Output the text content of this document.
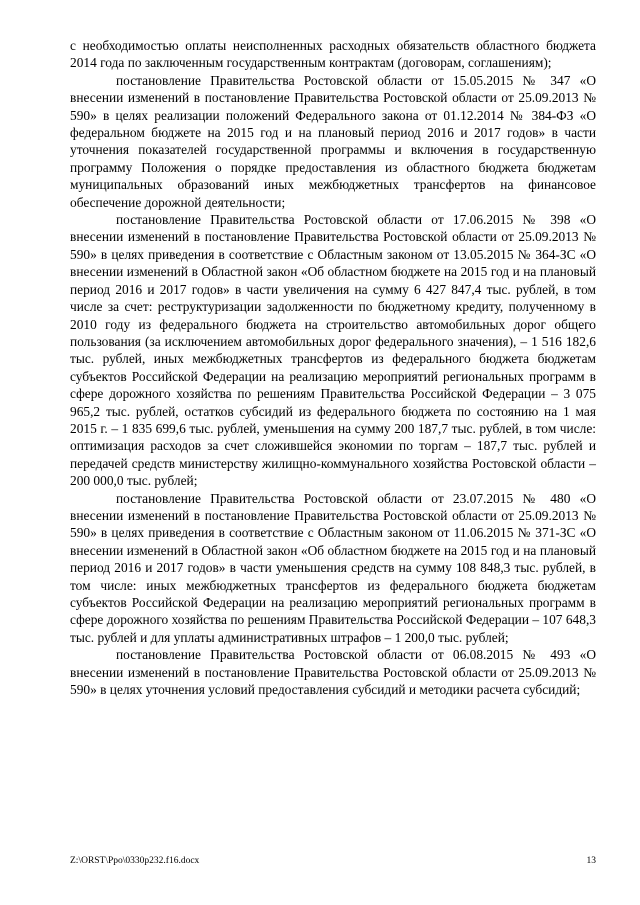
с необходимостью оплаты неисполненных расходных обязательств областного бюджета 2014 года по заключенным государственным контрактам (договорам, соглашениям);

постановление Правительства Ростовской области от 15.05.2015 № 347 «О внесении изменений в постановление Правительства Ростовской области от 25.09.2013 № 590» в целях реализации положений Федерального закона от 01.12.2014 № 384-ФЗ «О федеральном бюджете на 2015 год и на плановый период 2016 и 2017 годов» в части уточнения показателей государственной программы и включения в государственную программу Положения о порядке предоставления из областного бюджета бюджетам муниципальных образований иных межбюджетных трансфертов на финансовое обеспечение дорожной деятельности;

постановление Правительства Ростовской области от 17.06.2015 № 398 «О внесении изменений в постановление Правительства Ростовской области от 25.09.2013 № 590» в целях приведения в соответствие с Областным законом от 13.05.2015 № 364-ЗС «О внесении изменений в Областной закон «Об областном бюджете на 2015 год и на плановый период 2016 и 2017 годов» в части увеличения на сумму 6 427 847,4 тыс. рублей, в том числе за счет: реструктуризации задолженности по бюджетному кредиту, полученному в 2010 году из федерального бюджета на строительство автомобильных дорог общего пользования (за исключением автомобильных дорог федерального значения), – 1 516 182,6 тыс. рублей, иных межбюджетных трансфертов из федерального бюджета бюджетам субъектов Российской Федерации на реализацию мероприятий региональных программ в сфере дорожного хозяйства по решениям Правительства Российской Федерации – 3 075 965,2 тыс. рублей, остатков субсидий из федерального бюджета по состоянию на 1 мая 2015 г. – 1 835 699,6 тыс. рублей, уменьшения на сумму 200 187,7 тыс. рублей, в том числе: оптимизация расходов за счет сложившейся экономии по торгам – 187,7 тыс. рублей и передачей средств министерству жилищно-коммунального хозяйства Ростовской области – 200 000,0 тыс. рублей;

постановление Правительства Ростовской области от 23.07.2015 № 480 «О внесении изменений в постановление Правительства Ростовской области от 25.09.2013 № 590» в целях приведения в соответствие с Областным законом от 11.06.2015 № 371-ЗС «О внесении изменений в Областной закон «Об областном бюджете на 2015 год и на плановый период 2016 и 2017 годов» в части уменьшения средств на сумму 108 848,3 тыс. рублей, в том числе: иных межбюджетных трансфертов из федерального бюджета бюджетам субъектов Российской Федерации на реализацию мероприятий региональных программ в сфере дорожного хозяйства по решениям Правительства Российской Федерации – 107 648,3 тыс. рублей и для уплаты административных штрафов – 1 200,0 тыс. рублей;

постановление Правительства Ростовской области от 06.08.2015 № 493 «О внесении изменений в постановление Правительства Ростовской области от 25.09.2013 № 590» в целях уточнения условий предоставления субсидий и методики расчета субсидий;

Z:\ORST\Ppo\0330p232.f16.docx	13
